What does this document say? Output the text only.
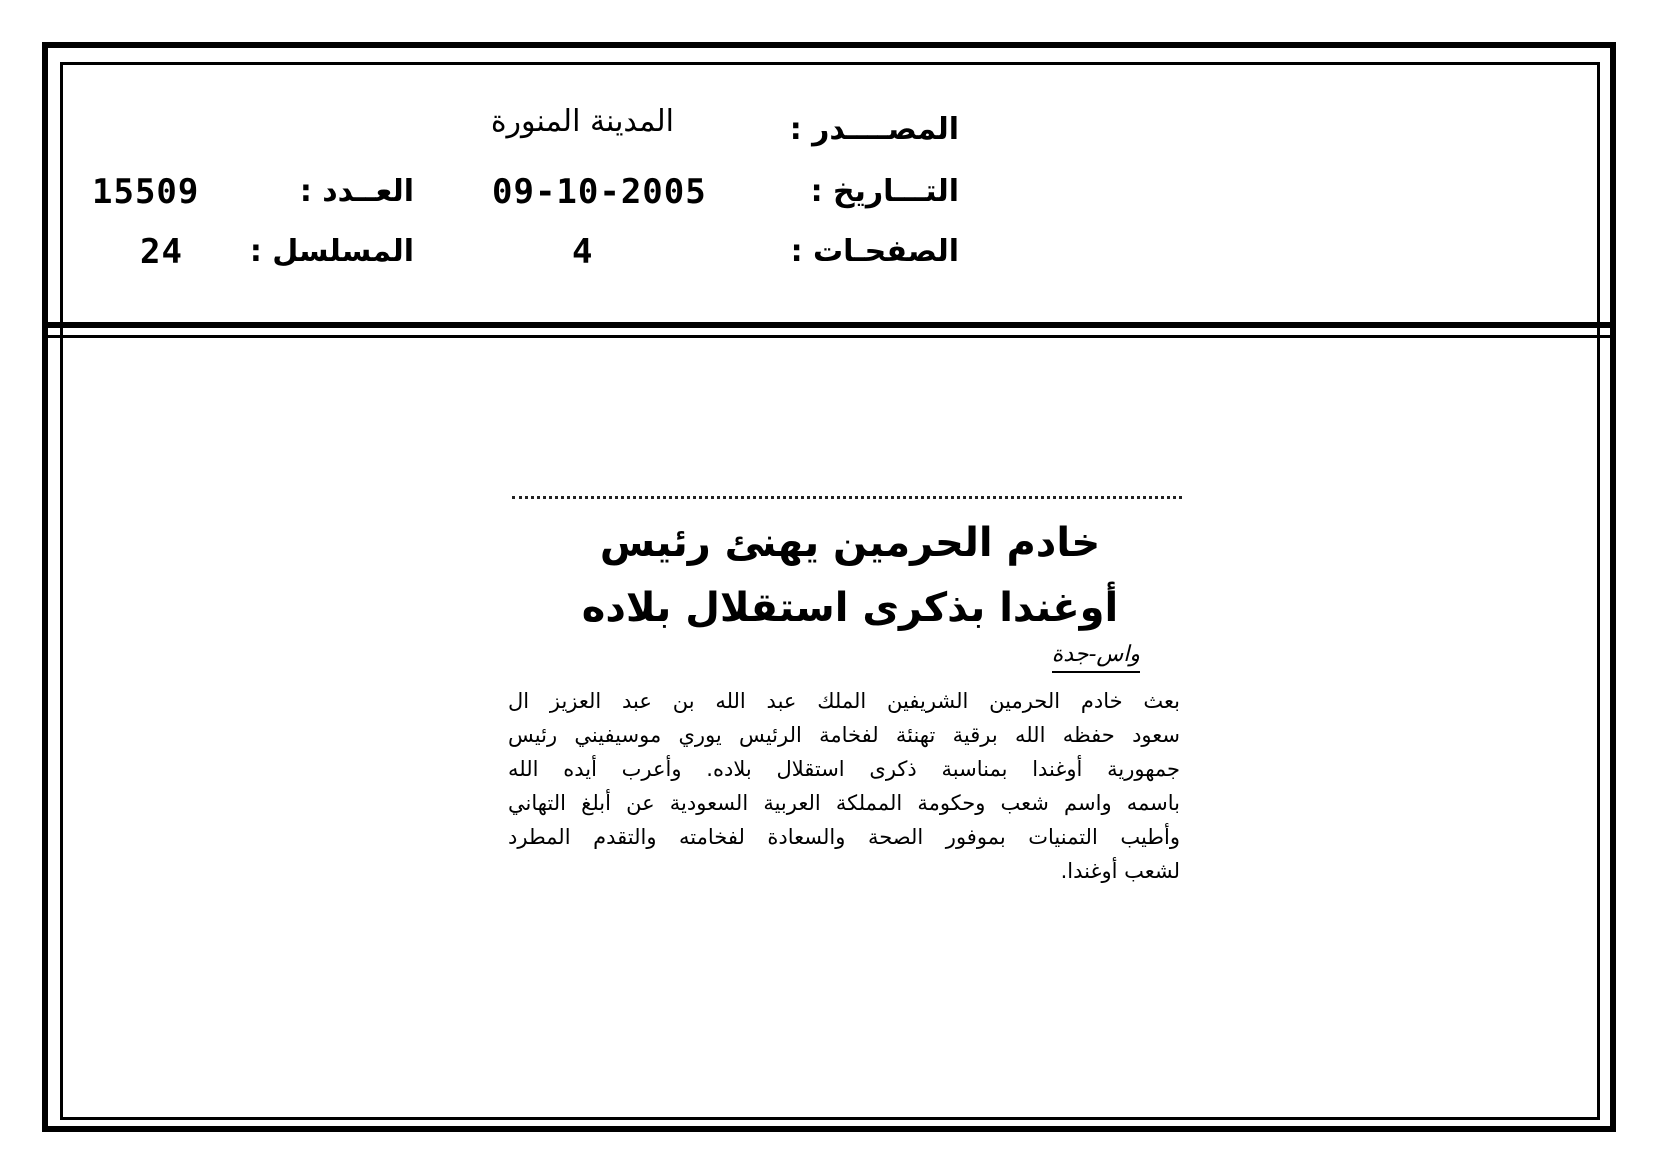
المصــــدر :
المدينة المنورة
التـــاريخ :
09-10-2005
العــدد :
15509
الصفحـات :
4
المسلسل :
24
خادم الحرمين يهنئ رئيس
أوغندا بذكرى استقلال بلاده
واس-جدة
بعث خادم الحرمين الشريفين الملك عبد الله بن عبد العزيز ال
سعود حفظه الله برقية تهنئة لفخامة الرئيس يوري موسيفيني رئيس
جمهورية أوغندا بمناسبة ذكرى استقلال بلاده. وأعرب أيده الله
باسمه واسم شعب وحكومة المملكة العربية السعودية عن أبلغ التهاني
وأطيب التمنيات بموفور الصحة والسعادة لفخامته والتقدم المطرد
لشعب أوغندا.
